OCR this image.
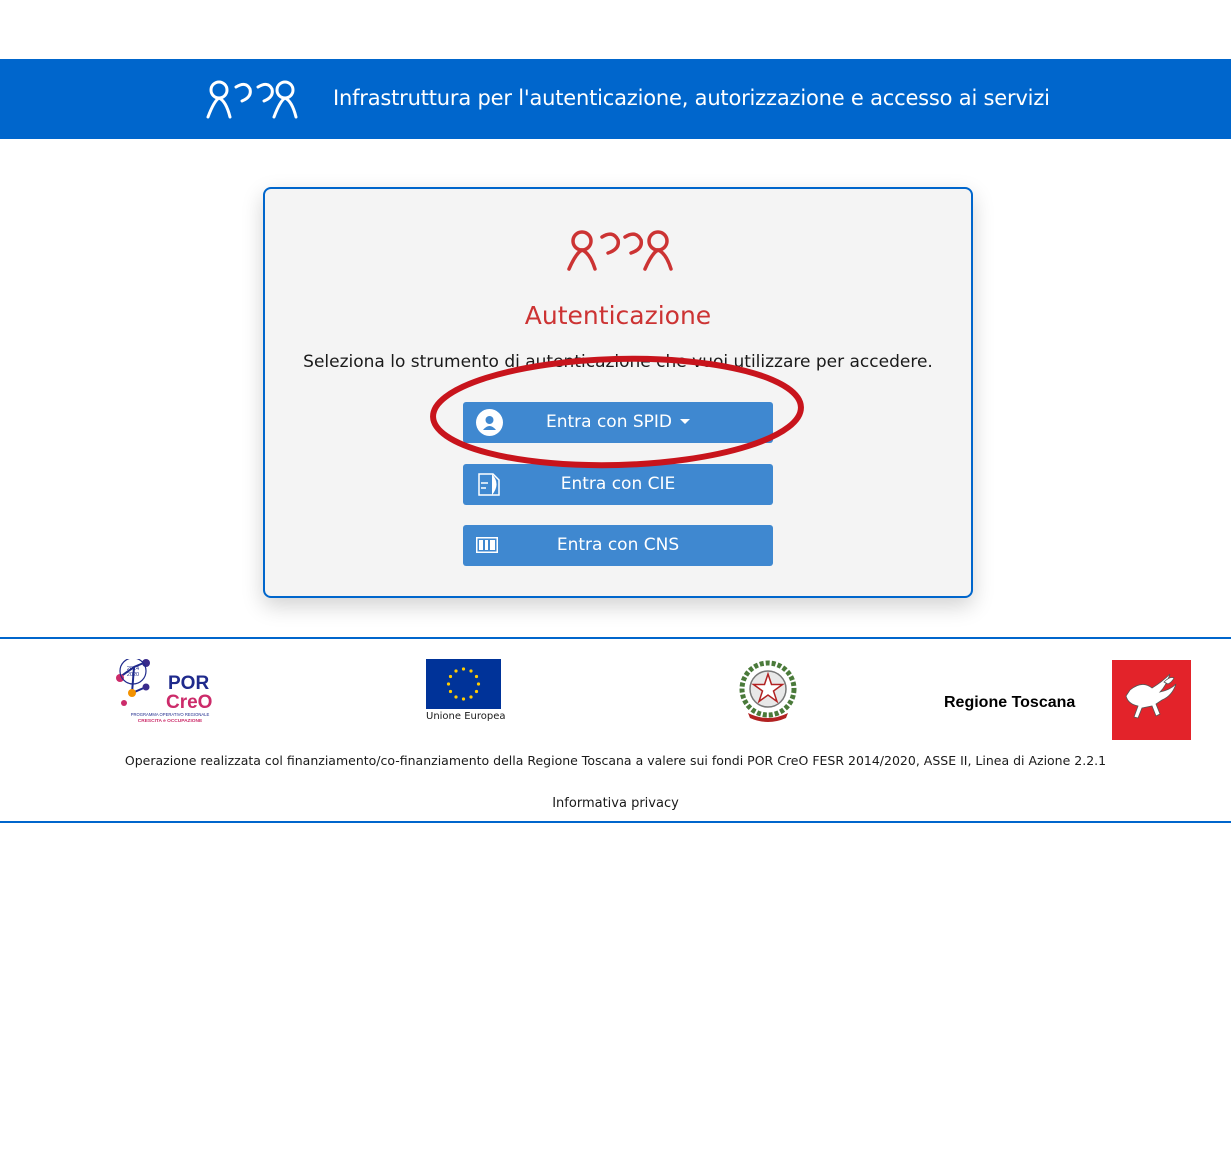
Infrastruttura per l'autenticazione, autorizzazione e accesso ai servizi
Autenticazione
Seleziona lo strumento di autenticazione che vuoi utilizzare per accedere.
Entra con SPID
Entra con CIE
Entra con CNS
2014
2020 POR
CreO
PROGRAMMA OPERATIVO REGIONALE
CRESCITA e OCCUPAZIONE	Unione Europea
Regione Toscana
Operazione realizzata col finanziamento/co-finanziamento della Regione Toscana a valere sui fondi POR CreO FESR 2014/2020, ASSE II, Linea di Azione 2.2.1
Informativa privacy
